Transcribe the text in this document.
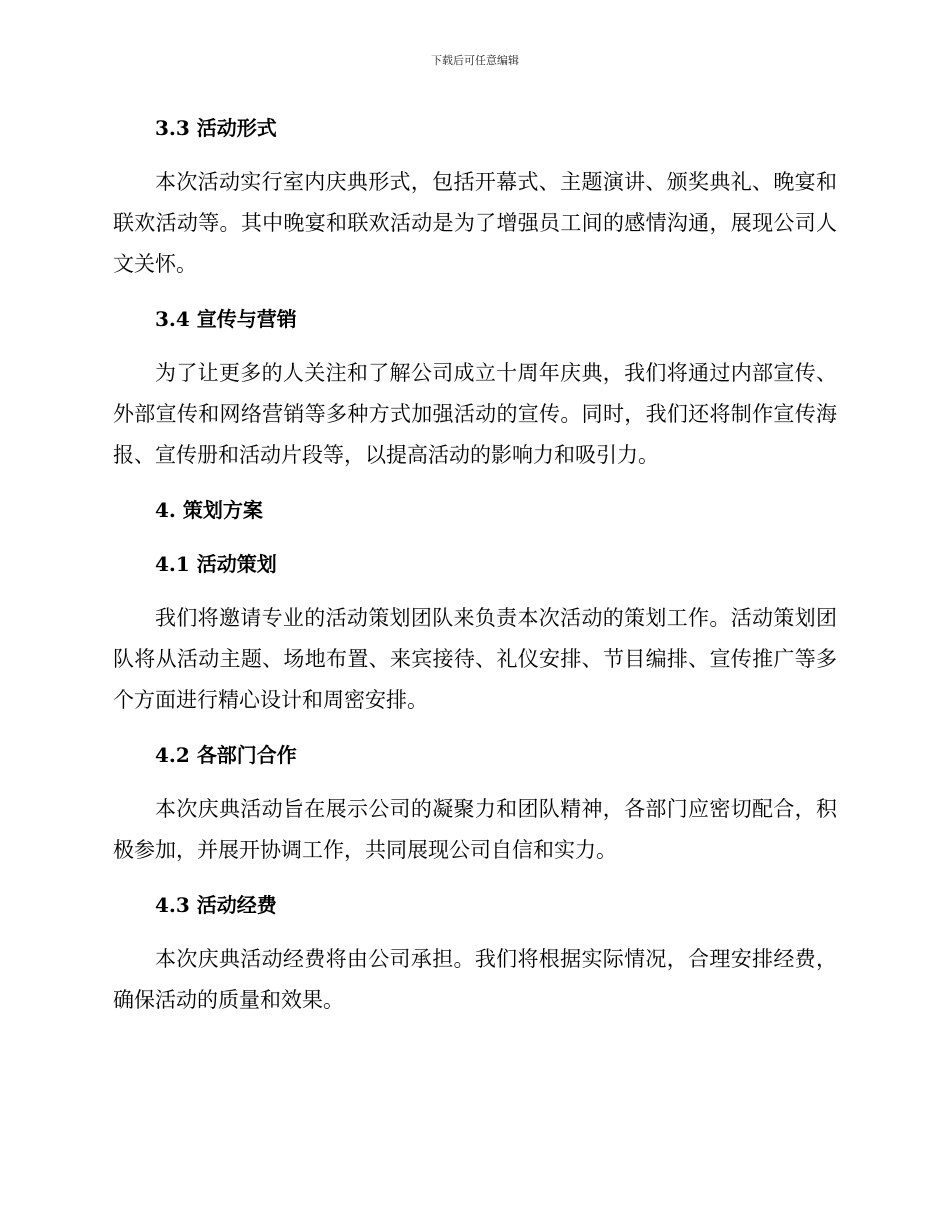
下载后可任意编辑
3.3 活动形式
本次活动实行室内庆典形式，包括开幕式、主题演讲、颁奖典礼、晚宴和联欢活动等。其中晚宴和联欢活动是为了增强员工间的感情沟通，展现公司人文关怀。
3.4 宣传与营销
为了让更多的人关注和了解公司成立十周年庆典，我们将通过内部宣传、外部宣传和网络营销等多种方式加强活动的宣传。同时，我们还将制作宣传海报、宣传册和活动片段等，以提高活动的影响力和吸引力。
4. 策划方案
4.1 活动策划
我们将邀请专业的活动策划团队来负责本次活动的策划工作。活动策划团队将从活动主题、场地布置、来宾接待、礼仪安排、节目编排、宣传推广等多个方面进行精心设计和周密安排。
4.2 各部门合作
本次庆典活动旨在展示公司的凝聚力和团队精神，各部门应密切配合，积极参加，并展开协调工作，共同展现公司自信和实力。
4.3 活动经费
本次庆典活动经费将由公司承担。我们将根据实际情况，合理安排经费，确保活动的质量和效果。
